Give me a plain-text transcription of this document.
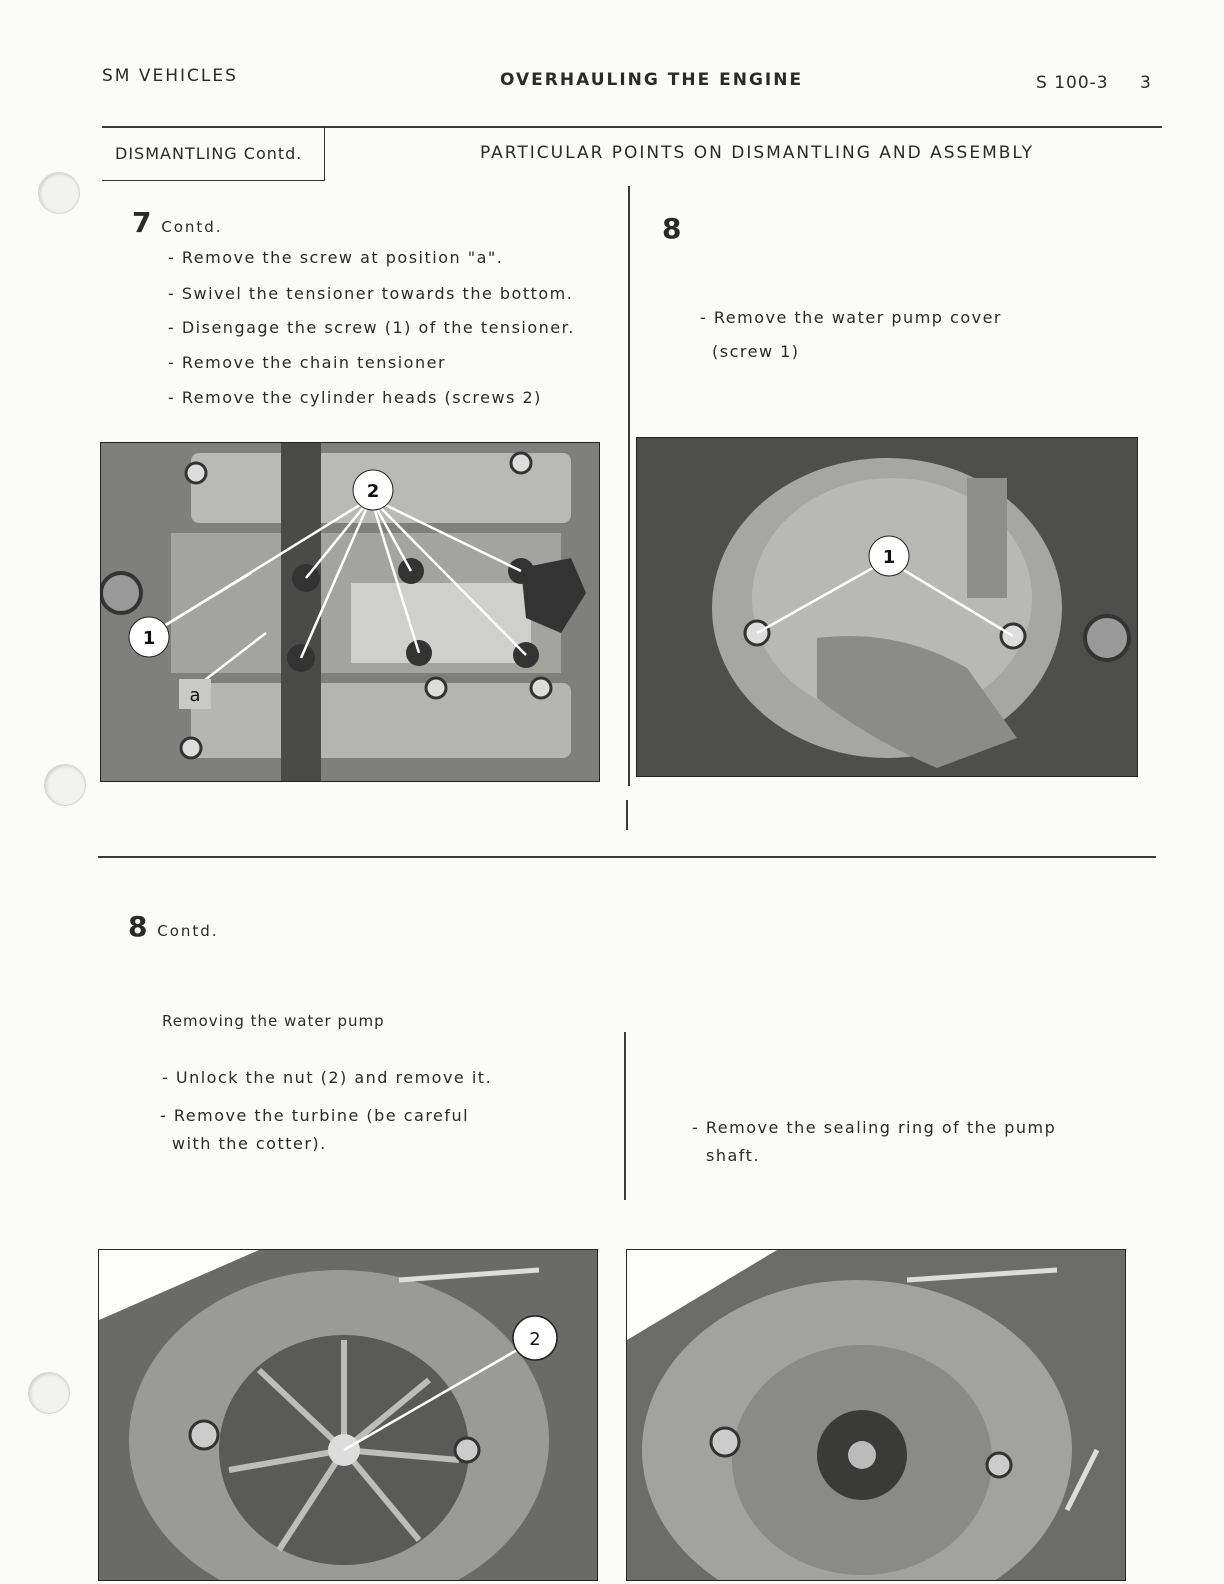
SM VEHICLES	OVERHAULING THE ENGINE	S 100-3 3
DISMANTLING Contd.	PARTICULAR POINTS ON DISMANTLING AND ASSEMBLY
7 Contd.
- Remove the screw at position "a".
- Swivel the tensioner towards the bottom.
- Disengage the screw (1) of the tensioner.
- Remove the chain tensioner
- Remove the cylinder heads (screws 2)
2
1
a
8
- Remove the water pump cover
(screw 1)
1
8 Contd.
Removing the water pump
- Unlock the nut (2) and remove it.
- Remove the turbine (be careful
with the cotter).
- Remove the sealing ring of the pump
shaft.
2
